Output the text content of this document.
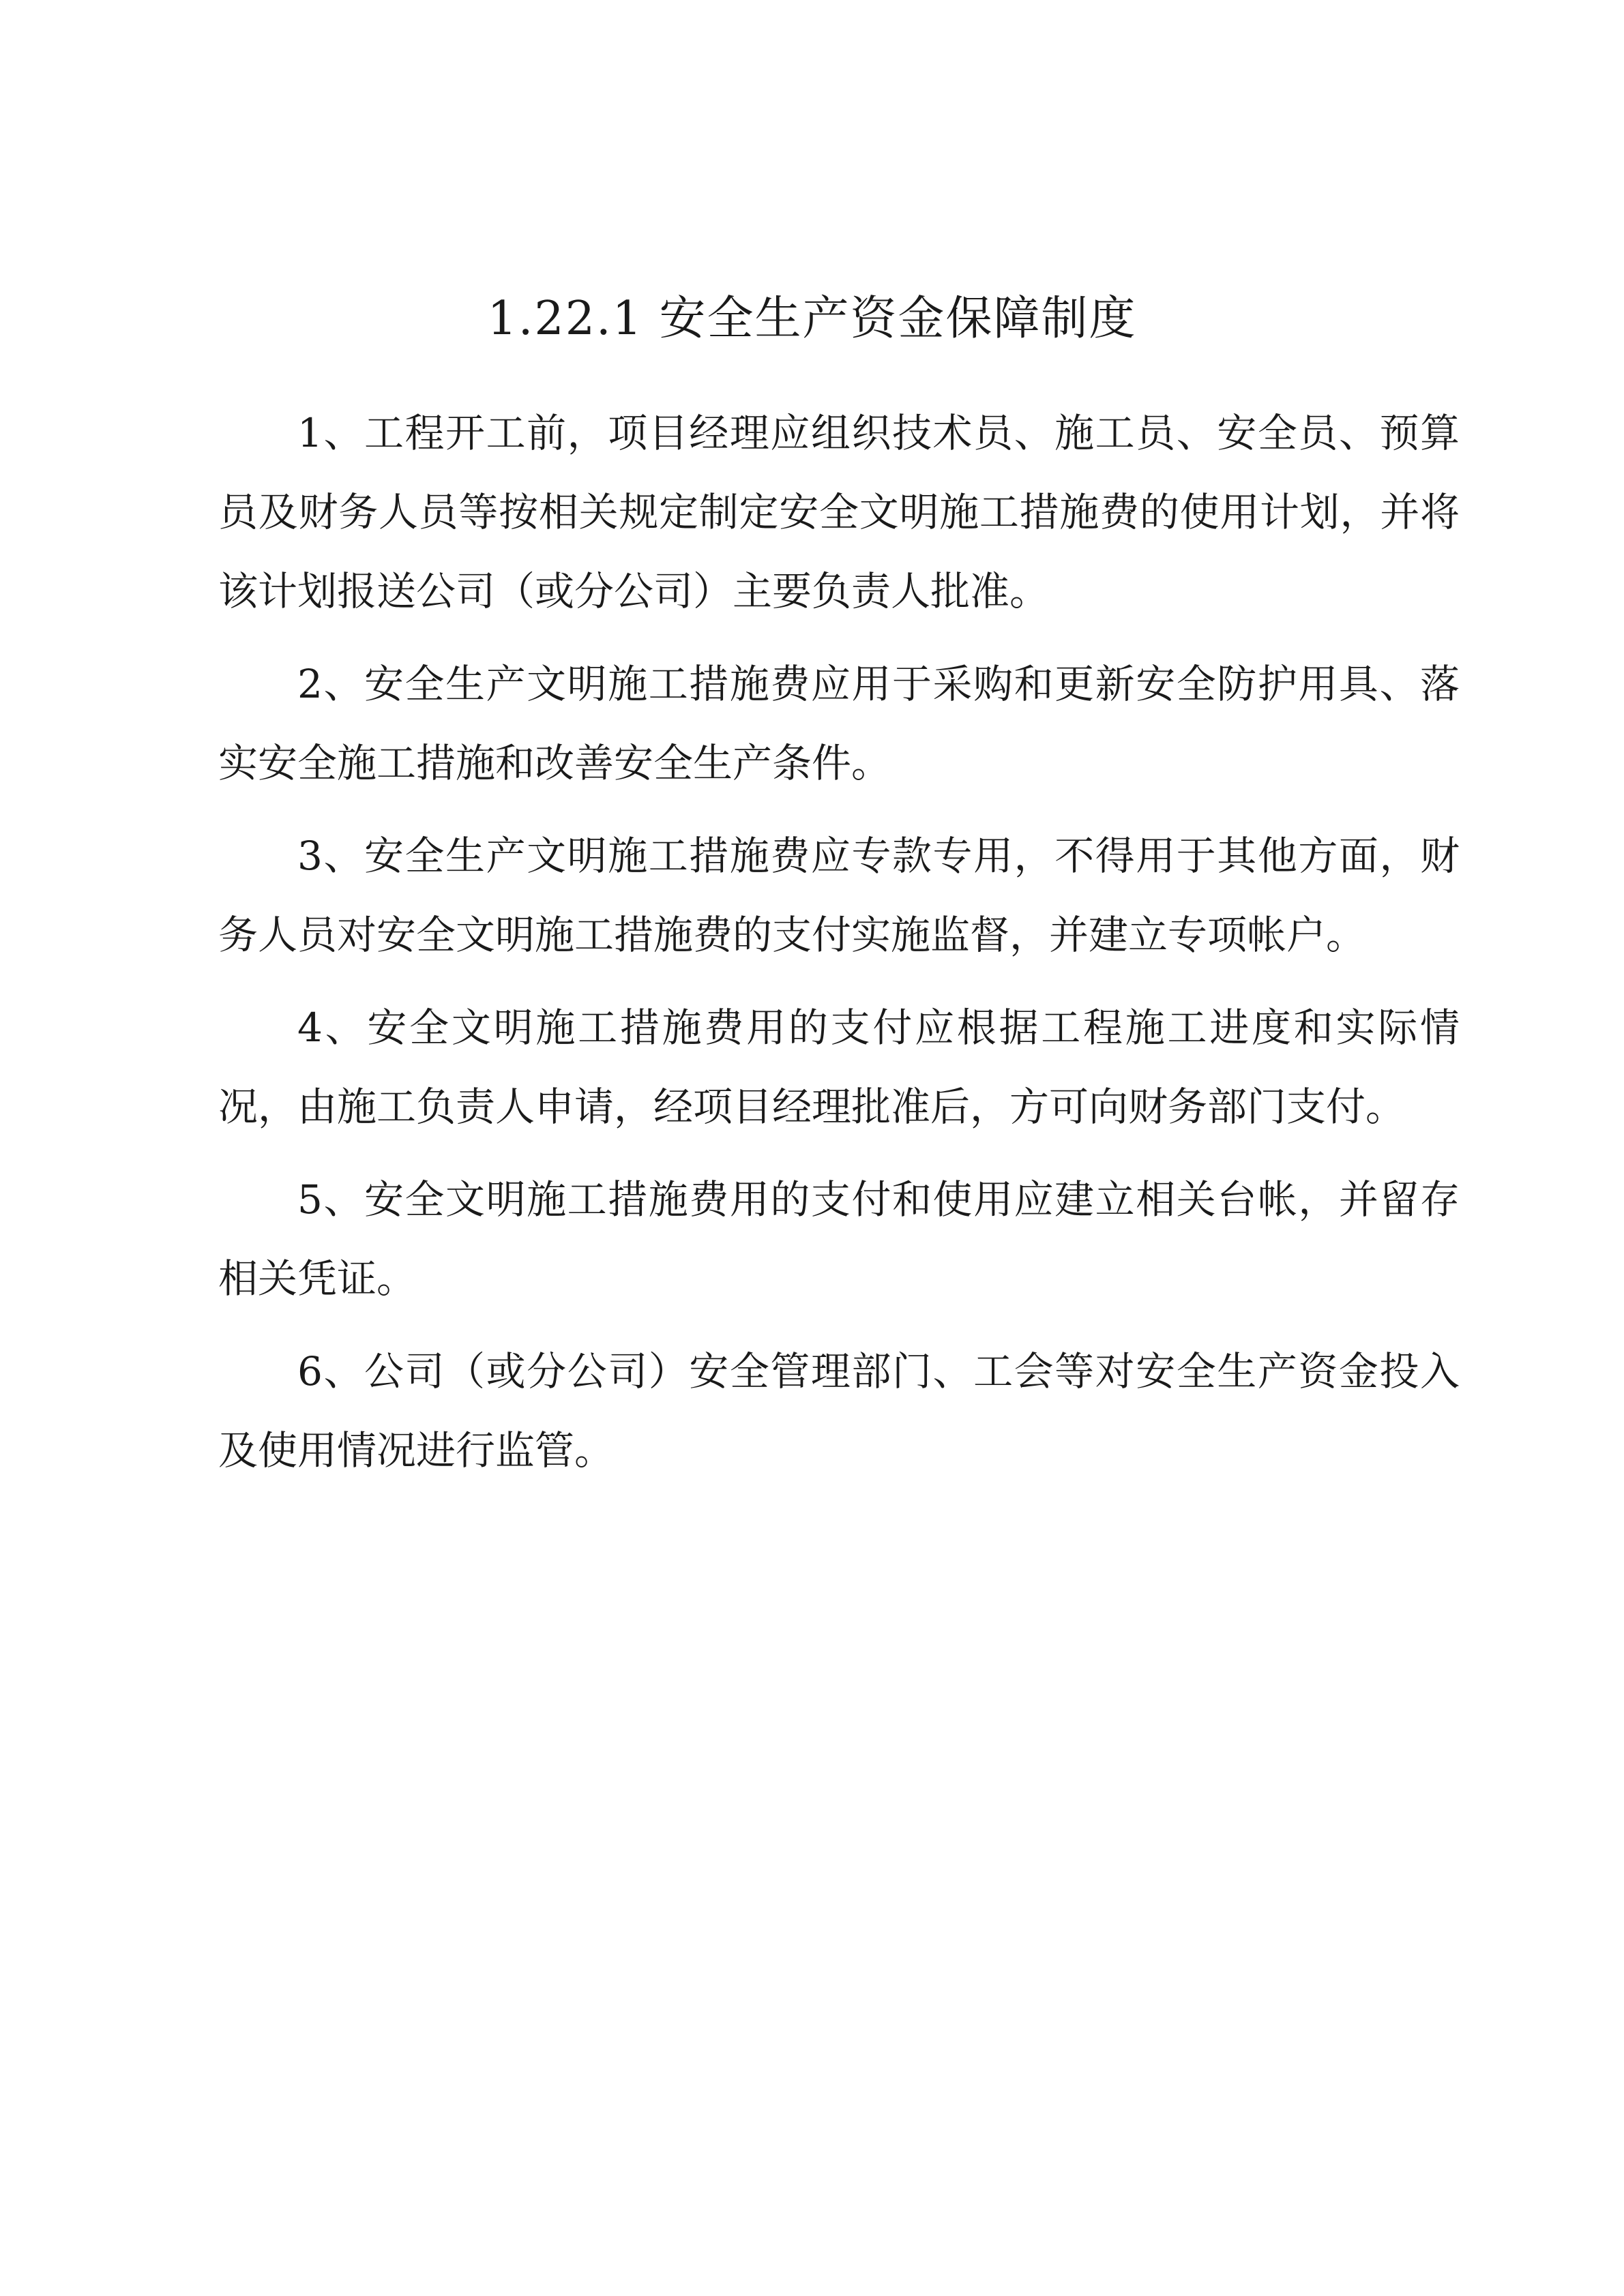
1.22.1 安全生产资金保障制度

1、工程开工前，项目经理应组织技术员、施工员、安全员、预算员及财务人员等按相关规定制定安全文明施工措施费的使用计划，并将该计划报送公司（或分公司）主要负责人批准。

2、安全生产文明施工措施费应用于采购和更新安全防护用具、落实安全施工措施和改善安全生产条件。

3、安全生产文明施工措施费应专款专用，不得用于其他方面，财务人员对安全文明施工措施费的支付实施监督，并建立专项帐户。

4、安全文明施工措施费用的支付应根据工程施工进度和实际情况，由施工负责人申请，经项目经理批准后，方可向财务部门支付。

5、安全文明施工措施费用的支付和使用应建立相关台帐，并留存相关凭证。

6、公司（或分公司）安全管理部门、工会等对安全生产资金投入及使用情况进行监管。
